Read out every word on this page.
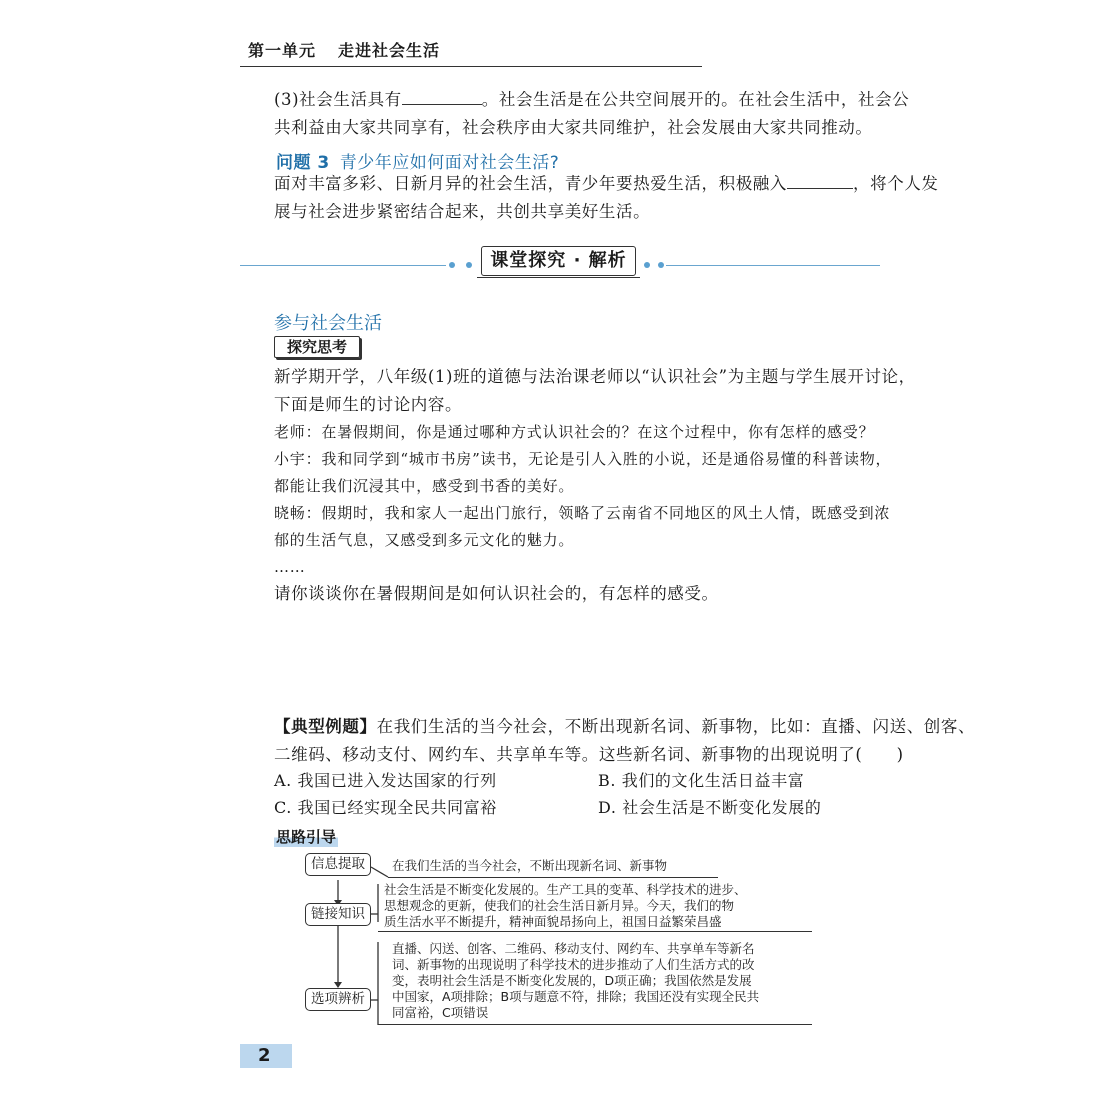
第一单元 走进社会生活
(3)社会生活具有	。社会生活是在公共空间展开的。在社会生活中，社会公
共利益由大家共同享有，社会秩序由大家共同维护，社会发展由大家共同推动。
问题 3 青少年应如何面对社会生活?
面对丰富多彩、日新月异的社会生活，青少年要热爱生活，积极融入	，将个人发
展与社会进步紧密结合起来，共创共享美好生活。
课堂探究 · 解析
参与社会生活
探究思考
新学期开学，八年级(1)班的道德与法治课老师以“认识社会”为主题与学生展开讨论，
下面是师生的讨论内容。
老师：在暑假期间，你是通过哪种方式认识社会的？在这个过程中，你有怎样的感受？
小宇：我和同学到“城市书房”读书，无论是引人入胜的小说，还是通俗易懂的科普读物，
都能让我们沉浸其中，感受到书香的美好。
晓畅：假期时，我和家人一起出门旅行，领略了云南省不同地区的风土人情，既感受到浓
郁的生活气息，又感受到多元文化的魅力。
……
请你谈谈你在暑假期间是如何认识社会的，有怎样的感受。
【典型例题】在我们生活的当今社会，不断出现新名词、新事物，比如：直播、闪送、创客、
二维码、移动支付、网约车、共享单车等。这些新名词、新事物的出现说明了(　　)
A. 我国已进入发达国家的行列	B. 我们的文化生活日益丰富
C. 我国已经实现全民共同富裕	D. 社会生活是不断变化发展的
思路引导
信息提取	在我们生活的当今社会，不断出现新名词、新事物
链接知识
社会生活是不断变化发展的。生产工具的变革、科学技术的进步、
思想观念的更新，使我们的社会生活日新月异。今天，我们的物
质生活水平不断提升，精神面貌昂扬向上，祖国日益繁荣昌盛
选项辨析
直播、闪送、创客、二维码、移动支付、网约车、共享单车等新名
词、新事物的出现说明了科学技术的进步推动了人们生活方式的改
变，表明社会生活是不断变化发展的，D项正确；我国依然是发展
中国家，A项排除；B项与题意不符，排除；我国还没有实现全民共
同富裕，C项错误
2
